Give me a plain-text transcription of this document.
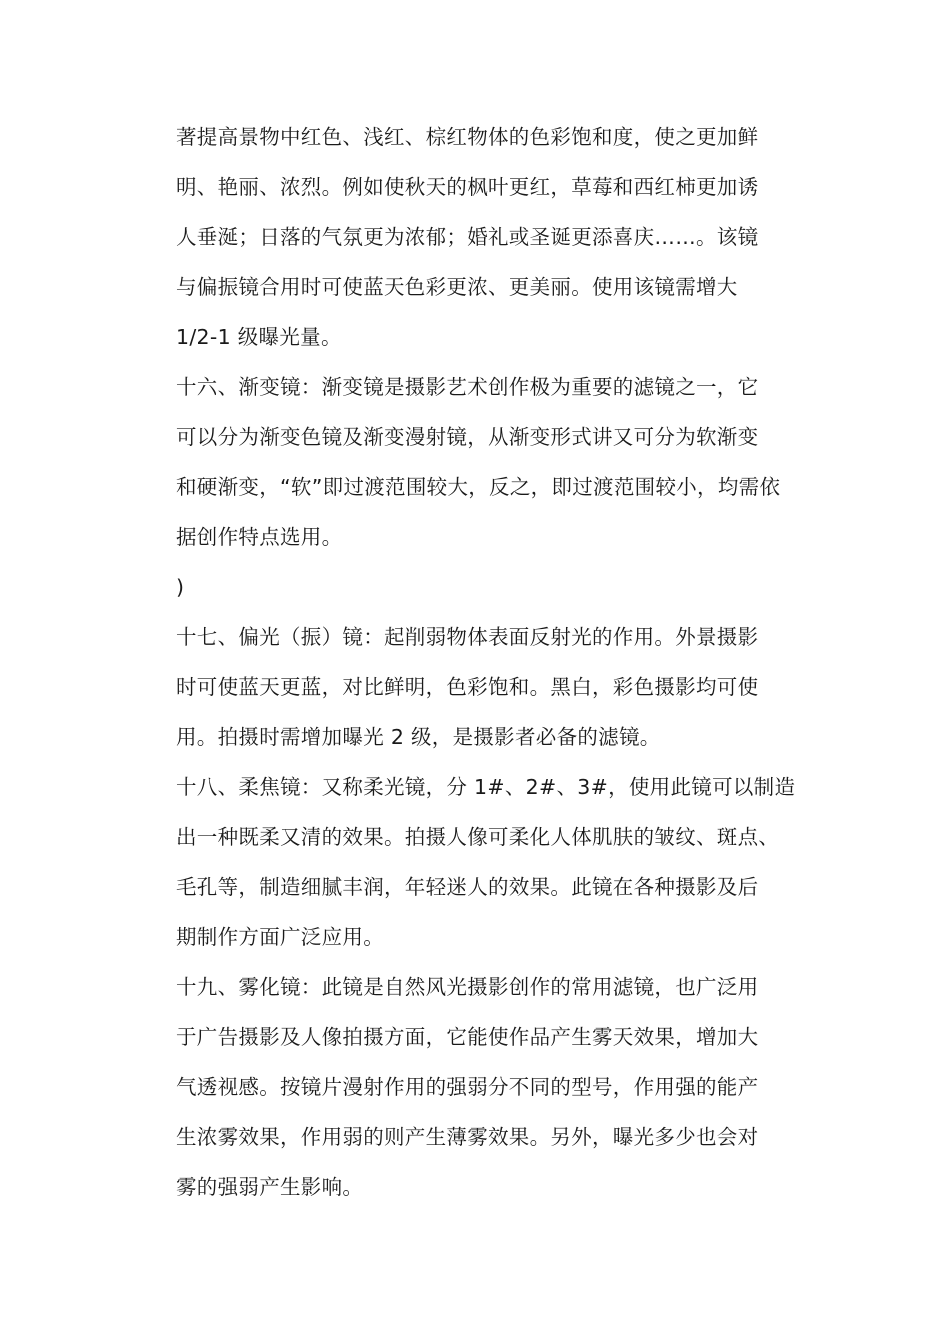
著提高景物中红色、浅红、棕红物体的色彩饱和度，使之更加鲜
明、艳丽、浓烈。例如使秋天的枫叶更红，草莓和西红柿更加诱
人垂涎；日落的气氛更为浓郁；婚礼或圣诞更添喜庆……。该镜
与偏振镜合用时可使蓝天色彩更浓、更美丽。使用该镜需增大
1/2-1 级曝光量。
十六、渐变镜：渐变镜是摄影艺术创作极为重要的滤镜之一，它
可以分为渐变色镜及渐变漫射镜，从渐变形式讲又可分为软渐变
和硬渐变，“软”即过渡范围较大，反之，即过渡范围较小，均需依
据创作特点选用。
)
十七、偏光（振）镜：起削弱物体表面反射光的作用。外景摄影
时可使蓝天更蓝，对比鲜明，色彩饱和。黑白，彩色摄影均可使
用。拍摄时需增加曝光 2 级，是摄影者必备的滤镜。
十八、柔焦镜：又称柔光镜，分 1#、2#、3#，使用此镜可以制造
出一种既柔又清的效果。拍摄人像可柔化人体肌肤的皱纹、斑点、
毛孔等，制造细腻丰润，年轻迷人的效果。此镜在各种摄影及后
期制作方面广泛应用。
十九、雾化镜：此镜是自然风光摄影创作的常用滤镜，也广泛用
于广告摄影及人像拍摄方面，它能使作品产生雾天效果，增加大
气透视感。按镜片漫射作用的强弱分不同的型号，作用强的能产
生浓雾效果，作用弱的则产生薄雾效果。另外，曝光多少也会对
雾的强弱产生影响。
